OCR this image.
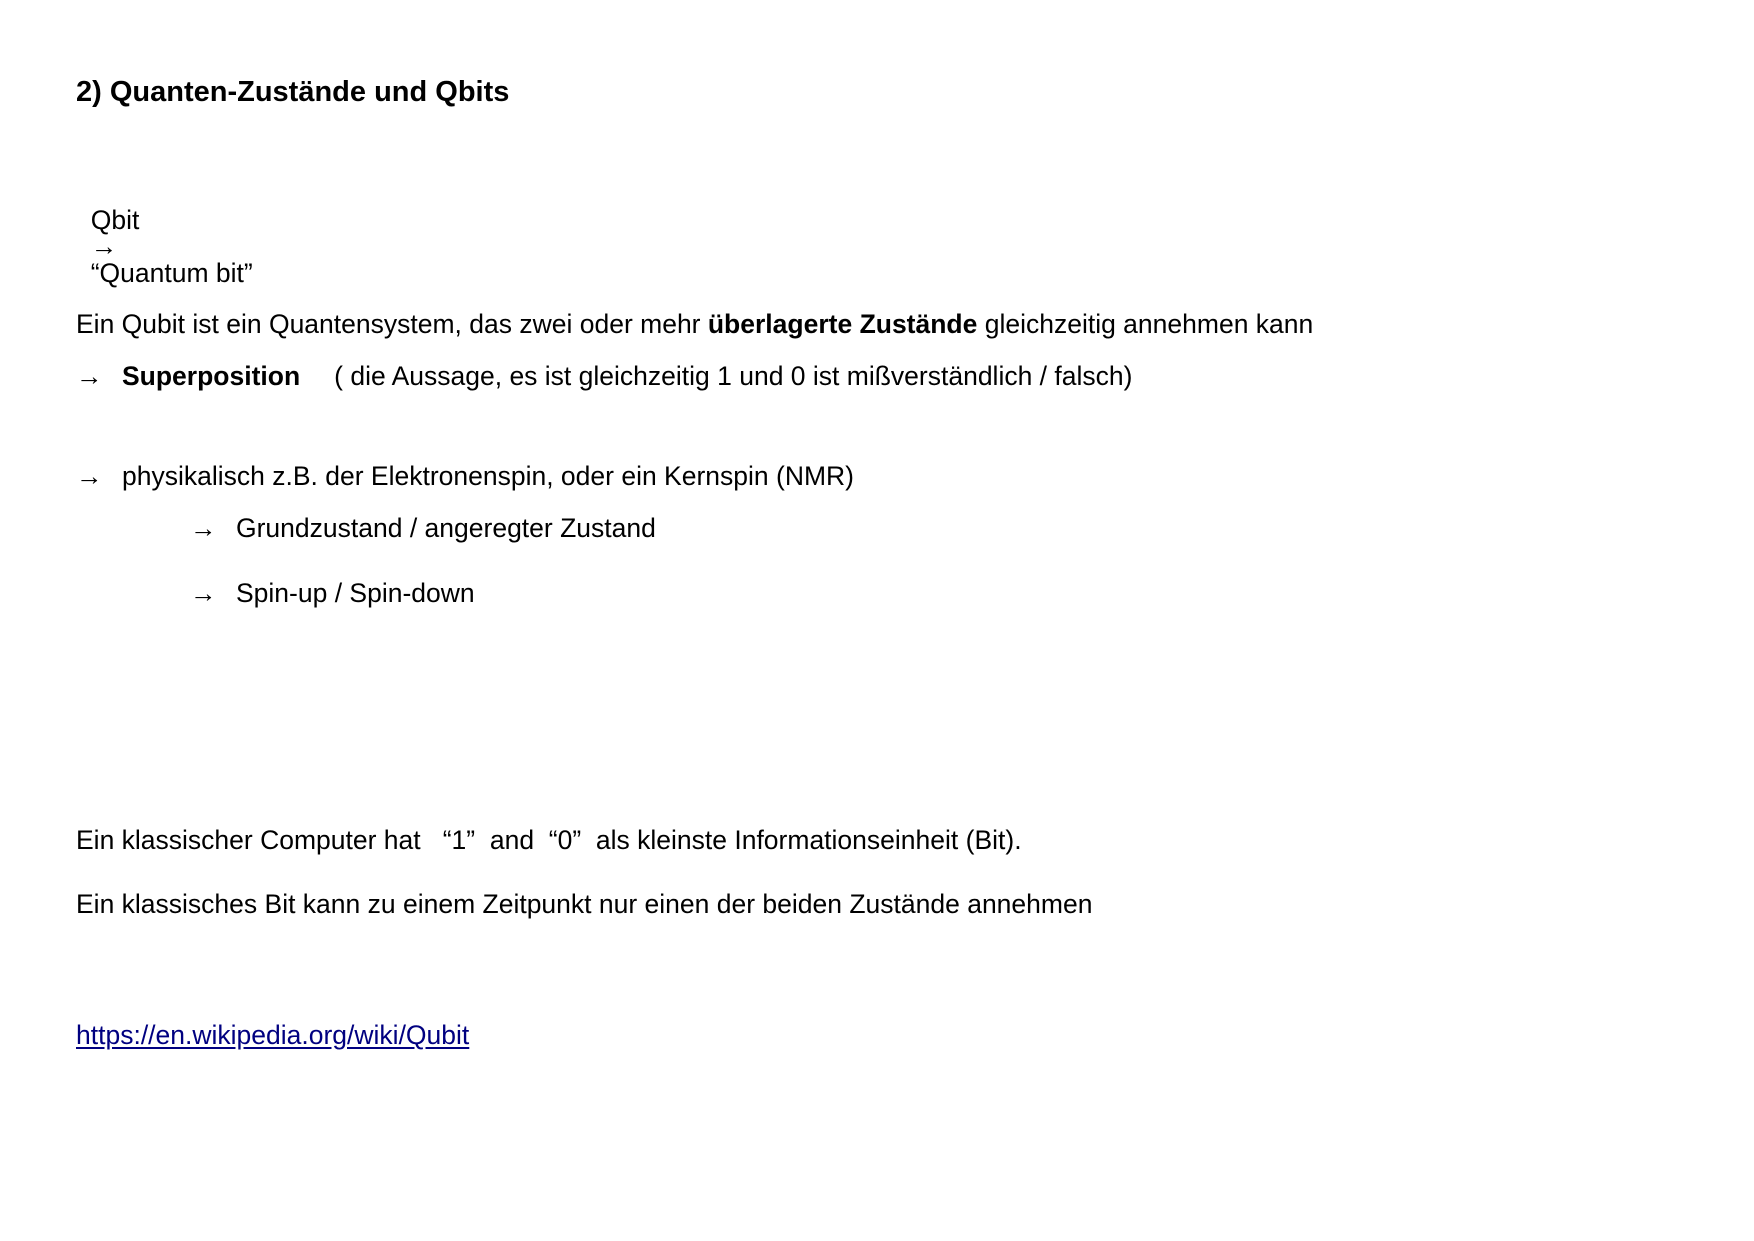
2) Quanten-Zustände und Qbits

Qbit
→
“Quantum bit”

Ein Qubit ist ein Quantensystem, das zwei oder mehr überlagerte Zustände gleichzeitig annehmen kann
→ Superposition ( die Aussage, es ist gleichzeitig 1 und 0 ist mißverständlich / falsch)
→ physikalisch z.B. der Elektronenspin, oder ein Kernspin (NMR)
→ Grundzustand / angeregter Zustand
→ Spin-up / Spin-down
Ein klassischer Computer hat   “1”  and  “0”  als kleinste Informationseinheit (Bit).
Ein klassisches Bit kann zu einem Zeitpunkt nur einen der beiden Zustände annehmen
https://en.wikipedia.org/wiki/Qubit
